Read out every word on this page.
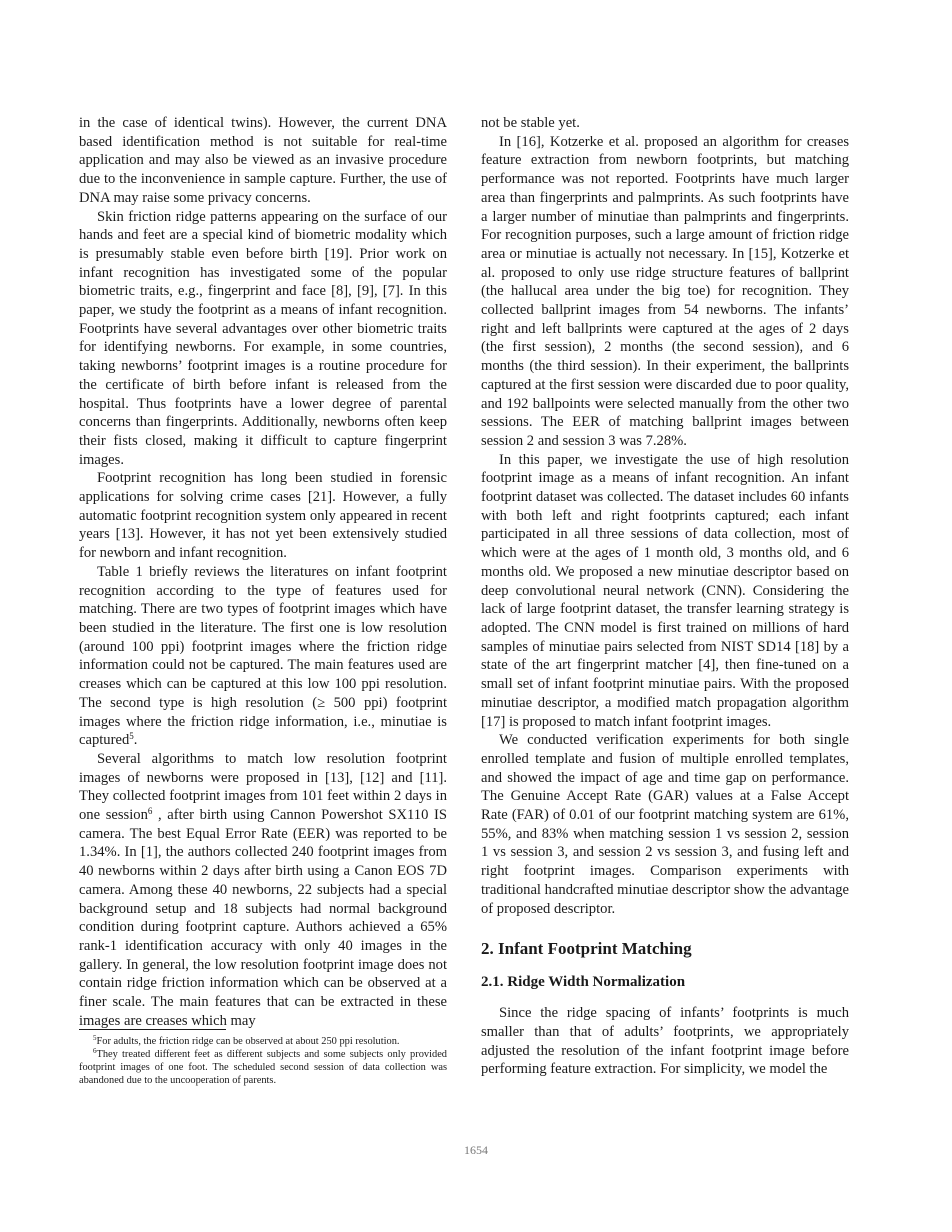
in the case of identical twins). However, the current DNA based identification method is not suitable for real-time application and may also be viewed as an invasive procedure due to the inconvenience in sample capture. Further, the use of DNA may raise some privacy concerns.

Skin friction ridge patterns appearing on the surface of our hands and feet are a special kind of biometric modality which is presumably stable even before birth [19]. Prior work on infant recognition has investigated some of the popular biometric traits, e.g., fingerprint and face [8], [9], [7]. In this paper, we study the footprint as a means of infant recognition. Footprints have several advantages over other biometric traits for identifying newborns. For example, in some countries, taking newborns’ footprint images is a routine procedure for the certificate of birth before infant is released from the hospital. Thus footprints have a lower degree of parental concerns than fingerprints. Additionally, newborns often keep their fists closed, making it difficult to capture fingerprint images.

Footprint recognition has long been studied in forensic applications for solving crime cases [21]. However, a fully automatic footprint recognition system only appeared in recent years [13]. However, it has not yet been extensively studied for newborn and infant recognition.

Table 1 briefly reviews the literatures on infant footprint recognition according to the type of features used for matching. There are two types of footprint images which have been studied in the literature. The first one is low resolution (around 100 ppi) footprint images where the friction ridge information could not be captured. The main features used are creases which can be captured at this low 100 ppi resolution. The second type is high resolution (≥ 500 ppi) footprint images where the friction ridge information, i.e., minutiae is captured$^5$.

Several algorithms to match low resolution footprint images of newborns were proposed in [13], [12] and [11]. They collected footprint images from 101 feet within 2 days in one session$^6$ , after birth using Cannon Powershot SX110 IS camera. The best Equal Error Rate (EER) was reported to be 1.34%. In [1], the authors collected 240 footprint images from 40 newborns within 2 days after birth using a Canon EOS 7D camera. Among these 40 newborns, 22 subjects had a special background setup and 18 subjects had normal background condition during footprint capture. Authors achieved a 65% rank-1 identification accuracy with only 40 images in the gallery. In general, the low resolution footprint image does not contain ridge friction information which can be observed at a finer scale. The main features that can be extracted in these images are creases which may

$^5$For adults, the friction ridge can be observed at about 250 ppi resolution.

$^6$They treated different feet as different subjects and some subjects only provided footprint images of one foot. The scheduled second session of data collection was abandoned due to the uncooperation of parents.

not be stable yet.

In [16], Kotzerke et al. proposed an algorithm for creases feature extraction from newborn footprints, but matching performance was not reported. Footprints have much larger area than fingerprints and palmprints. As such footprints have a larger number of minutiae than palmprints and fingerprints. For recognition purposes, such a large amount of friction ridge area or minutiae is actually not necessary. In [15], Kotzerke et al. proposed to only use ridge structure features of ballprint (the hallucal area under the big toe) for recognition. They collected ballprint images from 54 newborns. The infants’ right and left ballprints were captured at the ages of 2 days (the first session), 2 months (the second session), and 6 months (the third session). In their experiment, the ballprints captured at the first session were discarded due to poor quality, and 192 ballpoints were selected manually from the other two sessions. The EER of matching ballprint images between session 2 and session 3 was 7.28%.

In this paper, we investigate the use of high resolution footprint image as a means of infant recognition. An infant footprint dataset was collected. The dataset includes 60 infants with both left and right footprints captured; each infant participated in all three sessions of data collection, most of which were at the ages of 1 month old, 3 months old, and 6 months old. We proposed a new minutiae descriptor based on deep convolutional neural network (CNN). Considering the lack of large footprint dataset, the transfer learning strategy is adopted. The CNN model is first trained on millions of hard samples of minutiae pairs selected from NIST SD14 [18] by a state of the art fingerprint matcher [4], then fine-tuned on a small set of infant footprint minutiae pairs. With the proposed minutiae descriptor, a modified match propagation algorithm [17] is proposed to match infant footprint images.

We conducted verification experiments for both single enrolled template and fusion of multiple enrolled templates, and showed the impact of age and time gap on performance. The Genuine Accept Rate (GAR) values at a False Accept Rate (FAR) of 0.01 of our footprint matching system are 61%, 55%, and 83% when matching session 1 vs session 2, session 1 vs session 3, and session 2 vs session 3, and fusing left and right footprint images. Comparison experiments with traditional handcrafted minutiae descriptor show the advantage of proposed descriptor.

2. Infant Footprint Matching
2.1. Ridge Width Normalization

Since the ridge spacing of infants’ footprints is much smaller than that of adults’ footprints, we appropriately adjusted the resolution of the infant footprint image before performing feature extraction. For simplicity, we model the

1654
